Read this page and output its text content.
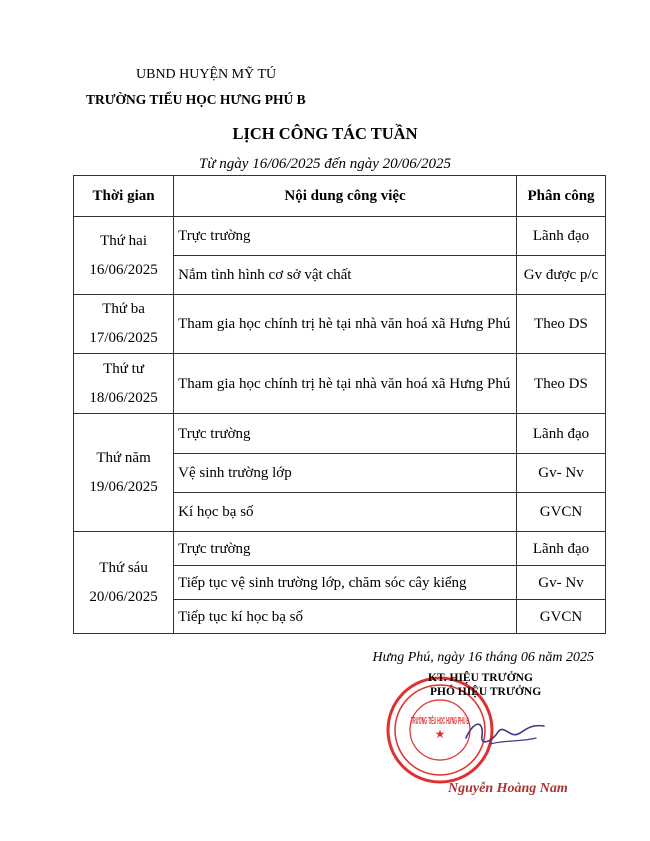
UBND HUYỆN MỸ TÚ
TRƯỜNG TIỂU HỌC HƯNG PHÚ B
LỊCH CÔNG TÁC TUẦN
Từ ngày 16/06/2025 đến ngày 20/06/2025
Thời gian	Nội dung công việc	Phân công

Thứ hai
16/06/2025	Trực trường	Lãnh đạo
	Nắm tình hình cơ sở vật chất	Gv được p/c

Thứ ba
17/06/2025	Tham gia học chính trị hè tại nhà văn hoá xã Hưng Phú	Theo DS

Thứ tư
18/06/2025	Tham gia học chính trị hè tại nhà văn hoá xã Hưng Phú	Theo DS

Thứ năm
19/06/2025	Trực trường	Lãnh đạo
	Vệ sinh trường lớp	Gv- Nv
	Kí học bạ số	GVCN

Thứ sáu
20/06/2025	Trực trường	Lãnh đạo
	Tiếp tục vệ sinh trường lớp, chăm sóc cây kiểng	Gv- Nv
	Tiếp tục kí học bạ số	GVCN
Hưng Phú, ngày 16 tháng 06 năm 2025
TRƯỜNG TIỂU HỌC HƯNG PHÚ B
★
KT. HIỆU TRƯỞNG
PHÓ HIỆU TRƯỞNG
Nguyễn Hoàng Nam
